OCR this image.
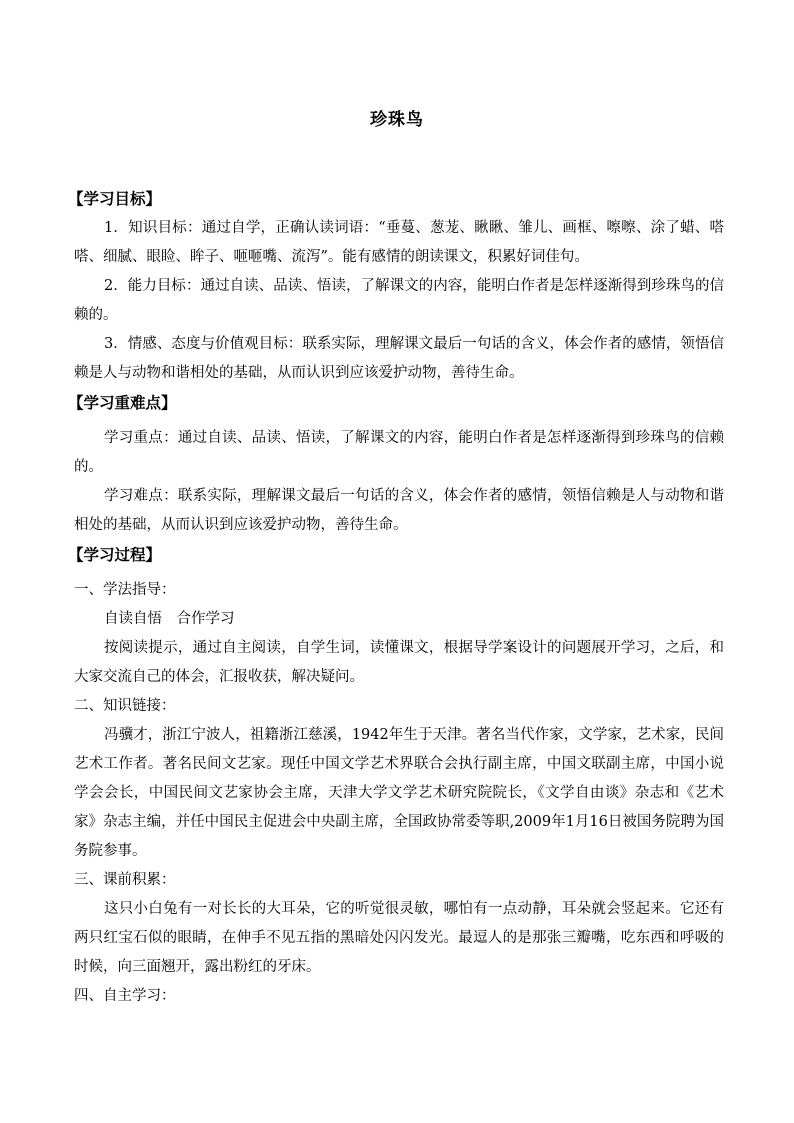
珍珠鸟
【学习目标】

1．知识目标：通过自学，正确认读词语：“垂蔓、葱茏、瞅瞅、雏儿、画框、嚓嚓、涂了蜡、嗒嗒、细腻、眼睑、眸子、咂咂嘴、流泻”。能有感情的朗读课文，积累好词佳句。

2．能力目标：通过自读、品读、悟读，了解课文的内容，能明白作者是怎样逐渐得到珍珠鸟的信赖的。

3．情感、态度与价值观目标：联系实际，理解课文最后一句话的含义，体会作者的感情，领悟信赖是人与动物和谐相处的基础，从而认识到应该爱护动物，善待生命。

【学习重难点】

学习重点：通过自读、品读、悟读，了解课文的内容，能明白作者是怎样逐渐得到珍珠鸟的信赖的。

学习难点：联系实际，理解课文最后一句话的含义，体会作者的感情，领悟信赖是人与动物和谐相处的基础，从而认识到应该爱护动物，善待生命。

【学习过程】

一、学法指导：

自读自悟　合作学习

按阅读提示，通过自主阅读，自学生词，读懂课文，根据导学案设计的问题展开学习，之后，和大家交流自己的体会，汇报收获，解决疑问。

二、知识链接：

冯骥才，浙江宁波人，祖籍浙江慈溪，1942年生于天津。著名当代作家，文学家，艺术家，民间艺术工作者。著名民间文艺家。现任中国文学艺术界联合会执行副主席，中国文联副主席，中国小说学会会长，中国民间文艺家协会主席，天津大学文学艺术研究院院长，《文学自由谈》杂志和《艺术家》杂志主编，并任中国民主促进会中央副主席，全国政协常委等职,2009年1月16日被国务院聘为国务院参事。

三、课前积累：

这只小白兔有一对长长的大耳朵，它的听觉很灵敏，哪怕有一点动静，耳朵就会竖起来。它还有两只红宝石似的眼睛，在伸手不见五指的黑暗处闪闪发光。最逗人的是那张三瓣嘴，吃东西和呼吸的时候，向三面翘开，露出粉红的牙床。

四、自主学习：
